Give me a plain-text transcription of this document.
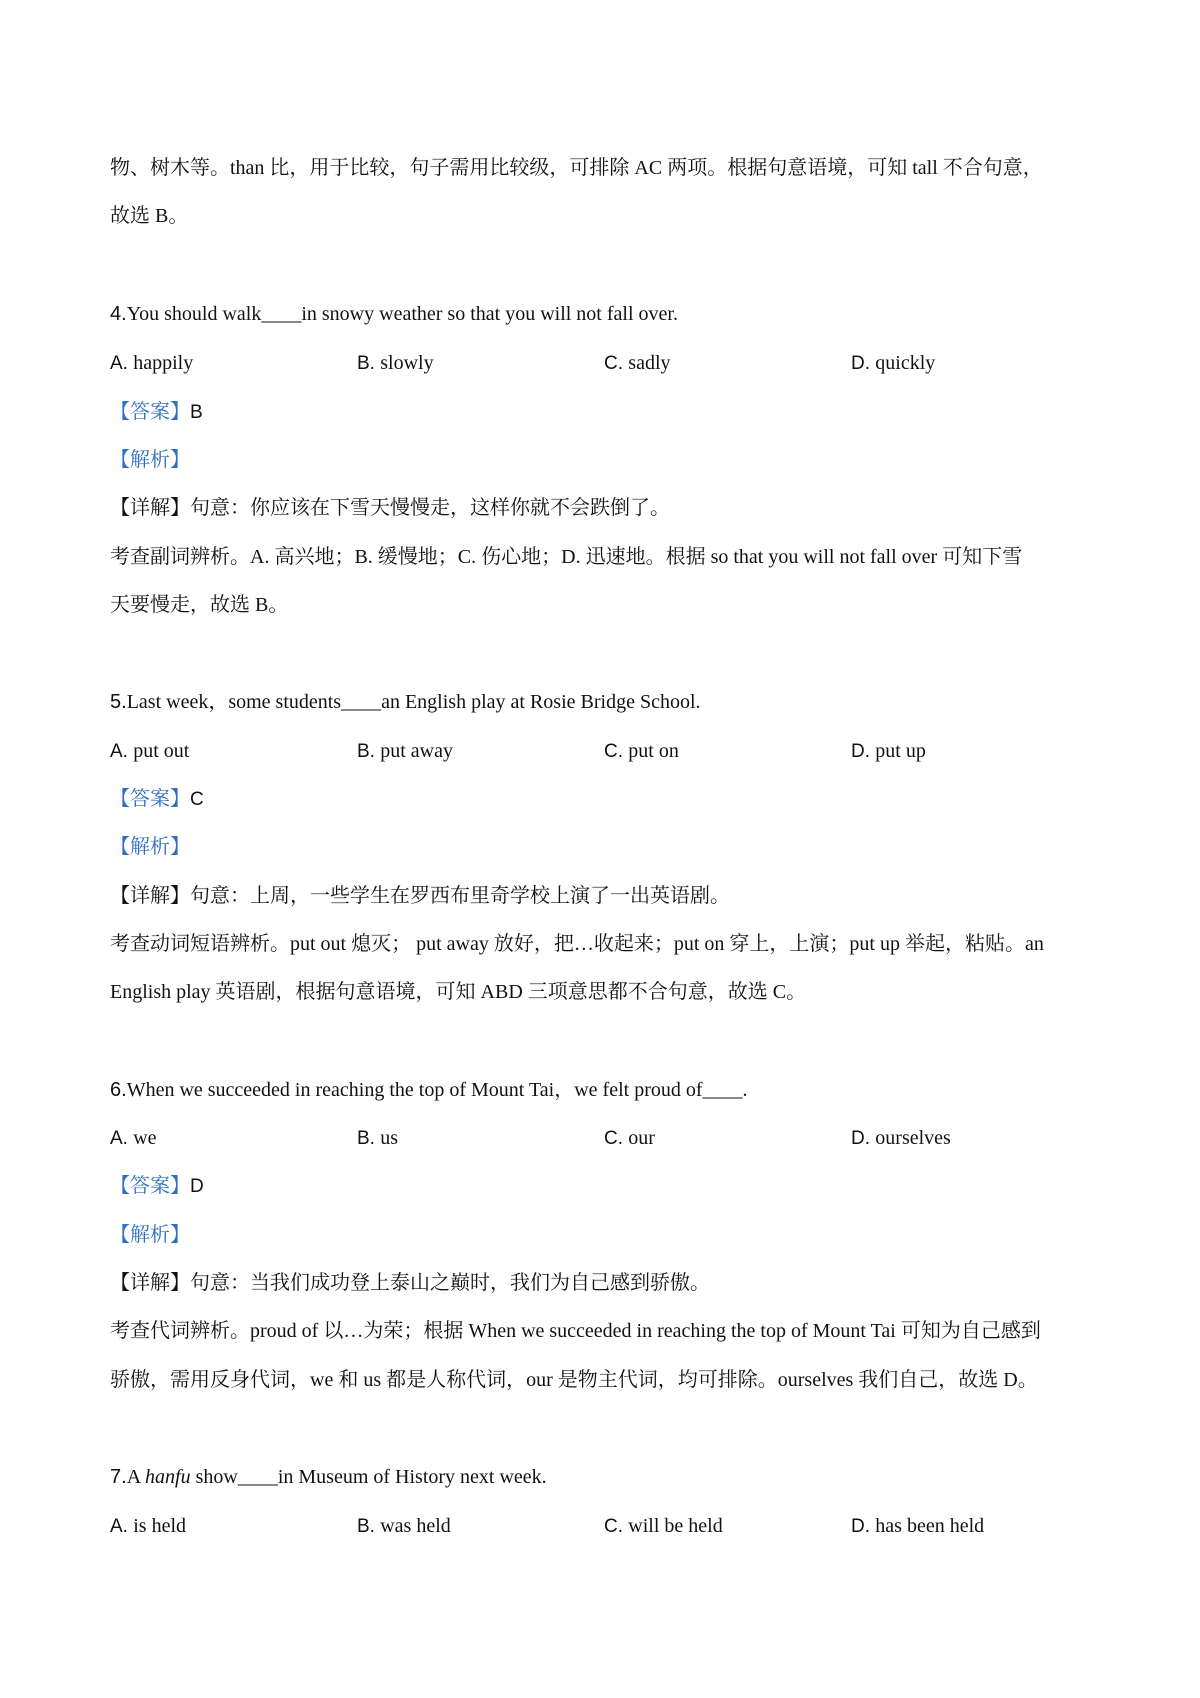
物、树木等。than 比，用于比较，句子需用比较级，可排除 AC 两项。根据句意语境，可知 tall 不合句意，
故选 B。
4.You should walk____in snowy weather so that you will not fall over.
A. happily	B. slowly	C. sadly	D. quickly
【答案】B
【解析】
【详解】句意：你应该在下雪天慢慢走，这样你就不会跌倒了。
考查副词辨析。A. 高兴地；B. 缓慢地；C. 伤心地；D. 迅速地。根据 so that you will not fall over 可知下雪
天要慢走，故选 B。
5.Last week，some students____an English play at Rosie Bridge School.
A. put out	B. put away	C. put on	D. put up
【答案】C
【解析】
【详解】句意：上周，一些学生在罗西布里奇学校上演了一出英语剧。
考查动词短语辨析。put out 熄灭； put away 放好，把…收起来；put on 穿上，上演；put up 举起，粘贴。an
English play 英语剧，根据句意语境，可知 ABD 三项意思都不合句意，故选 C。
6.When we succeeded in reaching the top of Mount Tai，we felt proud of____.
A. we	B. us	C. our	D. ourselves
【答案】D
【解析】
【详解】句意：当我们成功登上泰山之巅时，我们为自己感到骄傲。
考查代词辨析。proud of 以…为荣；根据 When we succeeded in reaching the top of Mount Tai 可知为自己感到
骄傲，需用反身代词，we 和 us 都是人称代词，our 是物主代词，均可排除。ourselves 我们自己，故选 D。
7.A hanfu show____in Museum of History next week.
A. is held	B. was held	C. will be held	D. has been held
